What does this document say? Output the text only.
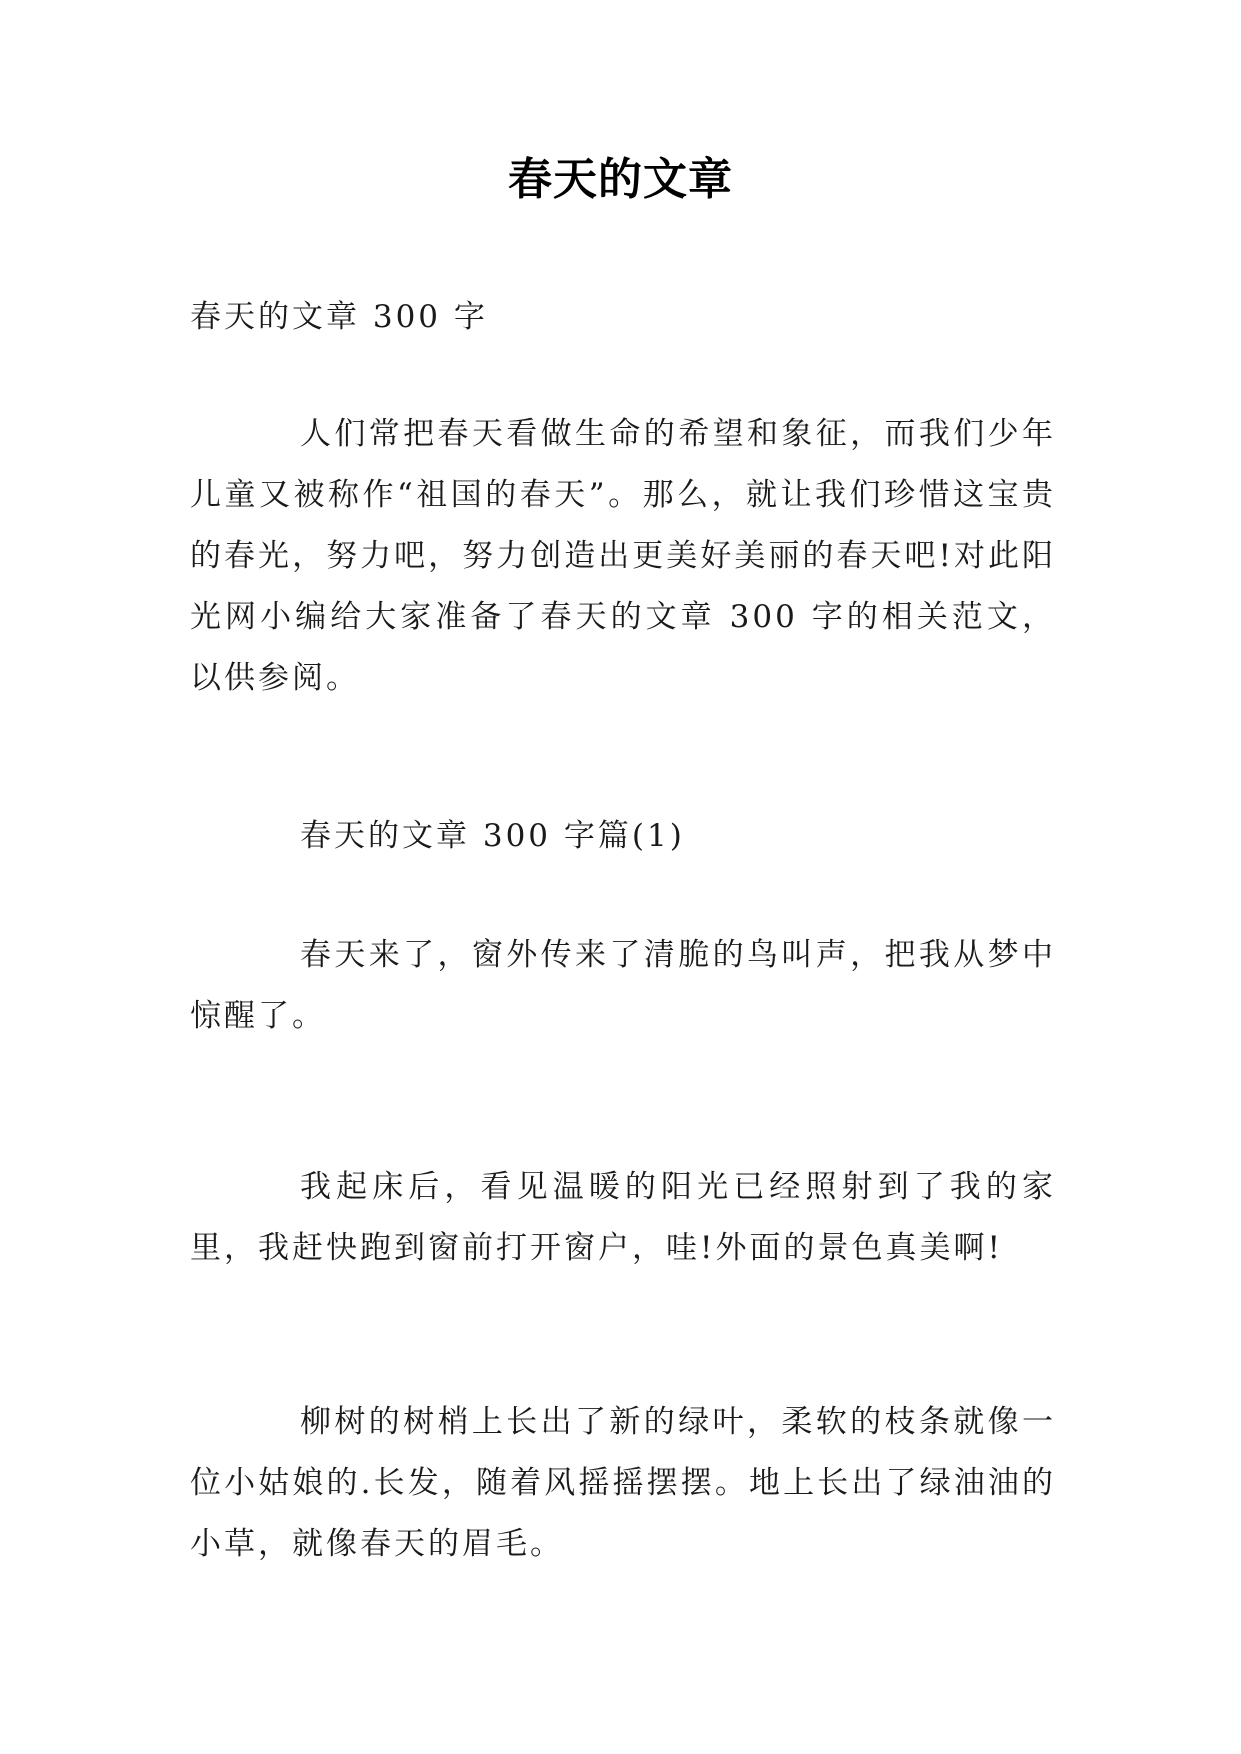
春天的文章
春天的文章 300 字
人们常把春天看做生命的希望和象征，而我们少年儿童又被称作“祖国的春天”。那么，就让我们珍惜这宝贵的春光，努力吧，努力创造出更美好美丽的春天吧!对此阳光网小编给大家准备了春天的文章 300 字的相关范文，以供参阅。
春天的文章 300 字篇(1)
春天来了，窗外传来了清脆的鸟叫声，把我从梦中惊醒了。
我起床后，看见温暖的阳光已经照射到了我的家里，我赶快跑到窗前打开窗户，哇!外面的景色真美啊!
柳树的树梢上长出了新的绿叶，柔软的枝条就像一位小姑娘的.长发，随着风摇摇摆摆。地上长出了绿油油的小草，就像春天的眉毛。
